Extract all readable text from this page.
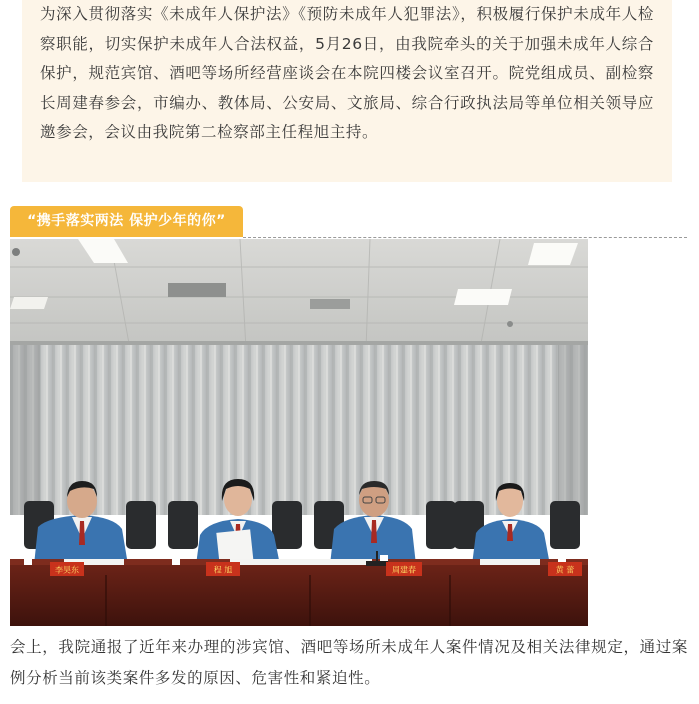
为深入贯彻落实《未成年人保护法》《预防未成年人犯罪法》，积极履行保护未成年人检察职能，切实保护未成年人合法权益，5月26日，由我院牵头的关于加强未成年人综合保护，规范宾馆、酒吧等场所经营座谈会在本院四楼会议室召开。院党组成员、副检察长周建春参会，市编办、教体局、公安局、文旅局、综合行政执法局等单位相关领导应邀参会，会议由我院第二检察部主任程旭主持。

“携手落实两法 保护少年的你”
李昊东	程 旭	周建春	黄 蕾

会上，我院通报了近年来办理的涉宾馆、酒吧等场所未成年人案件情况及相关法律规定，通过案例分析当前该类案件多发的原因、危害性和紧迫性。
